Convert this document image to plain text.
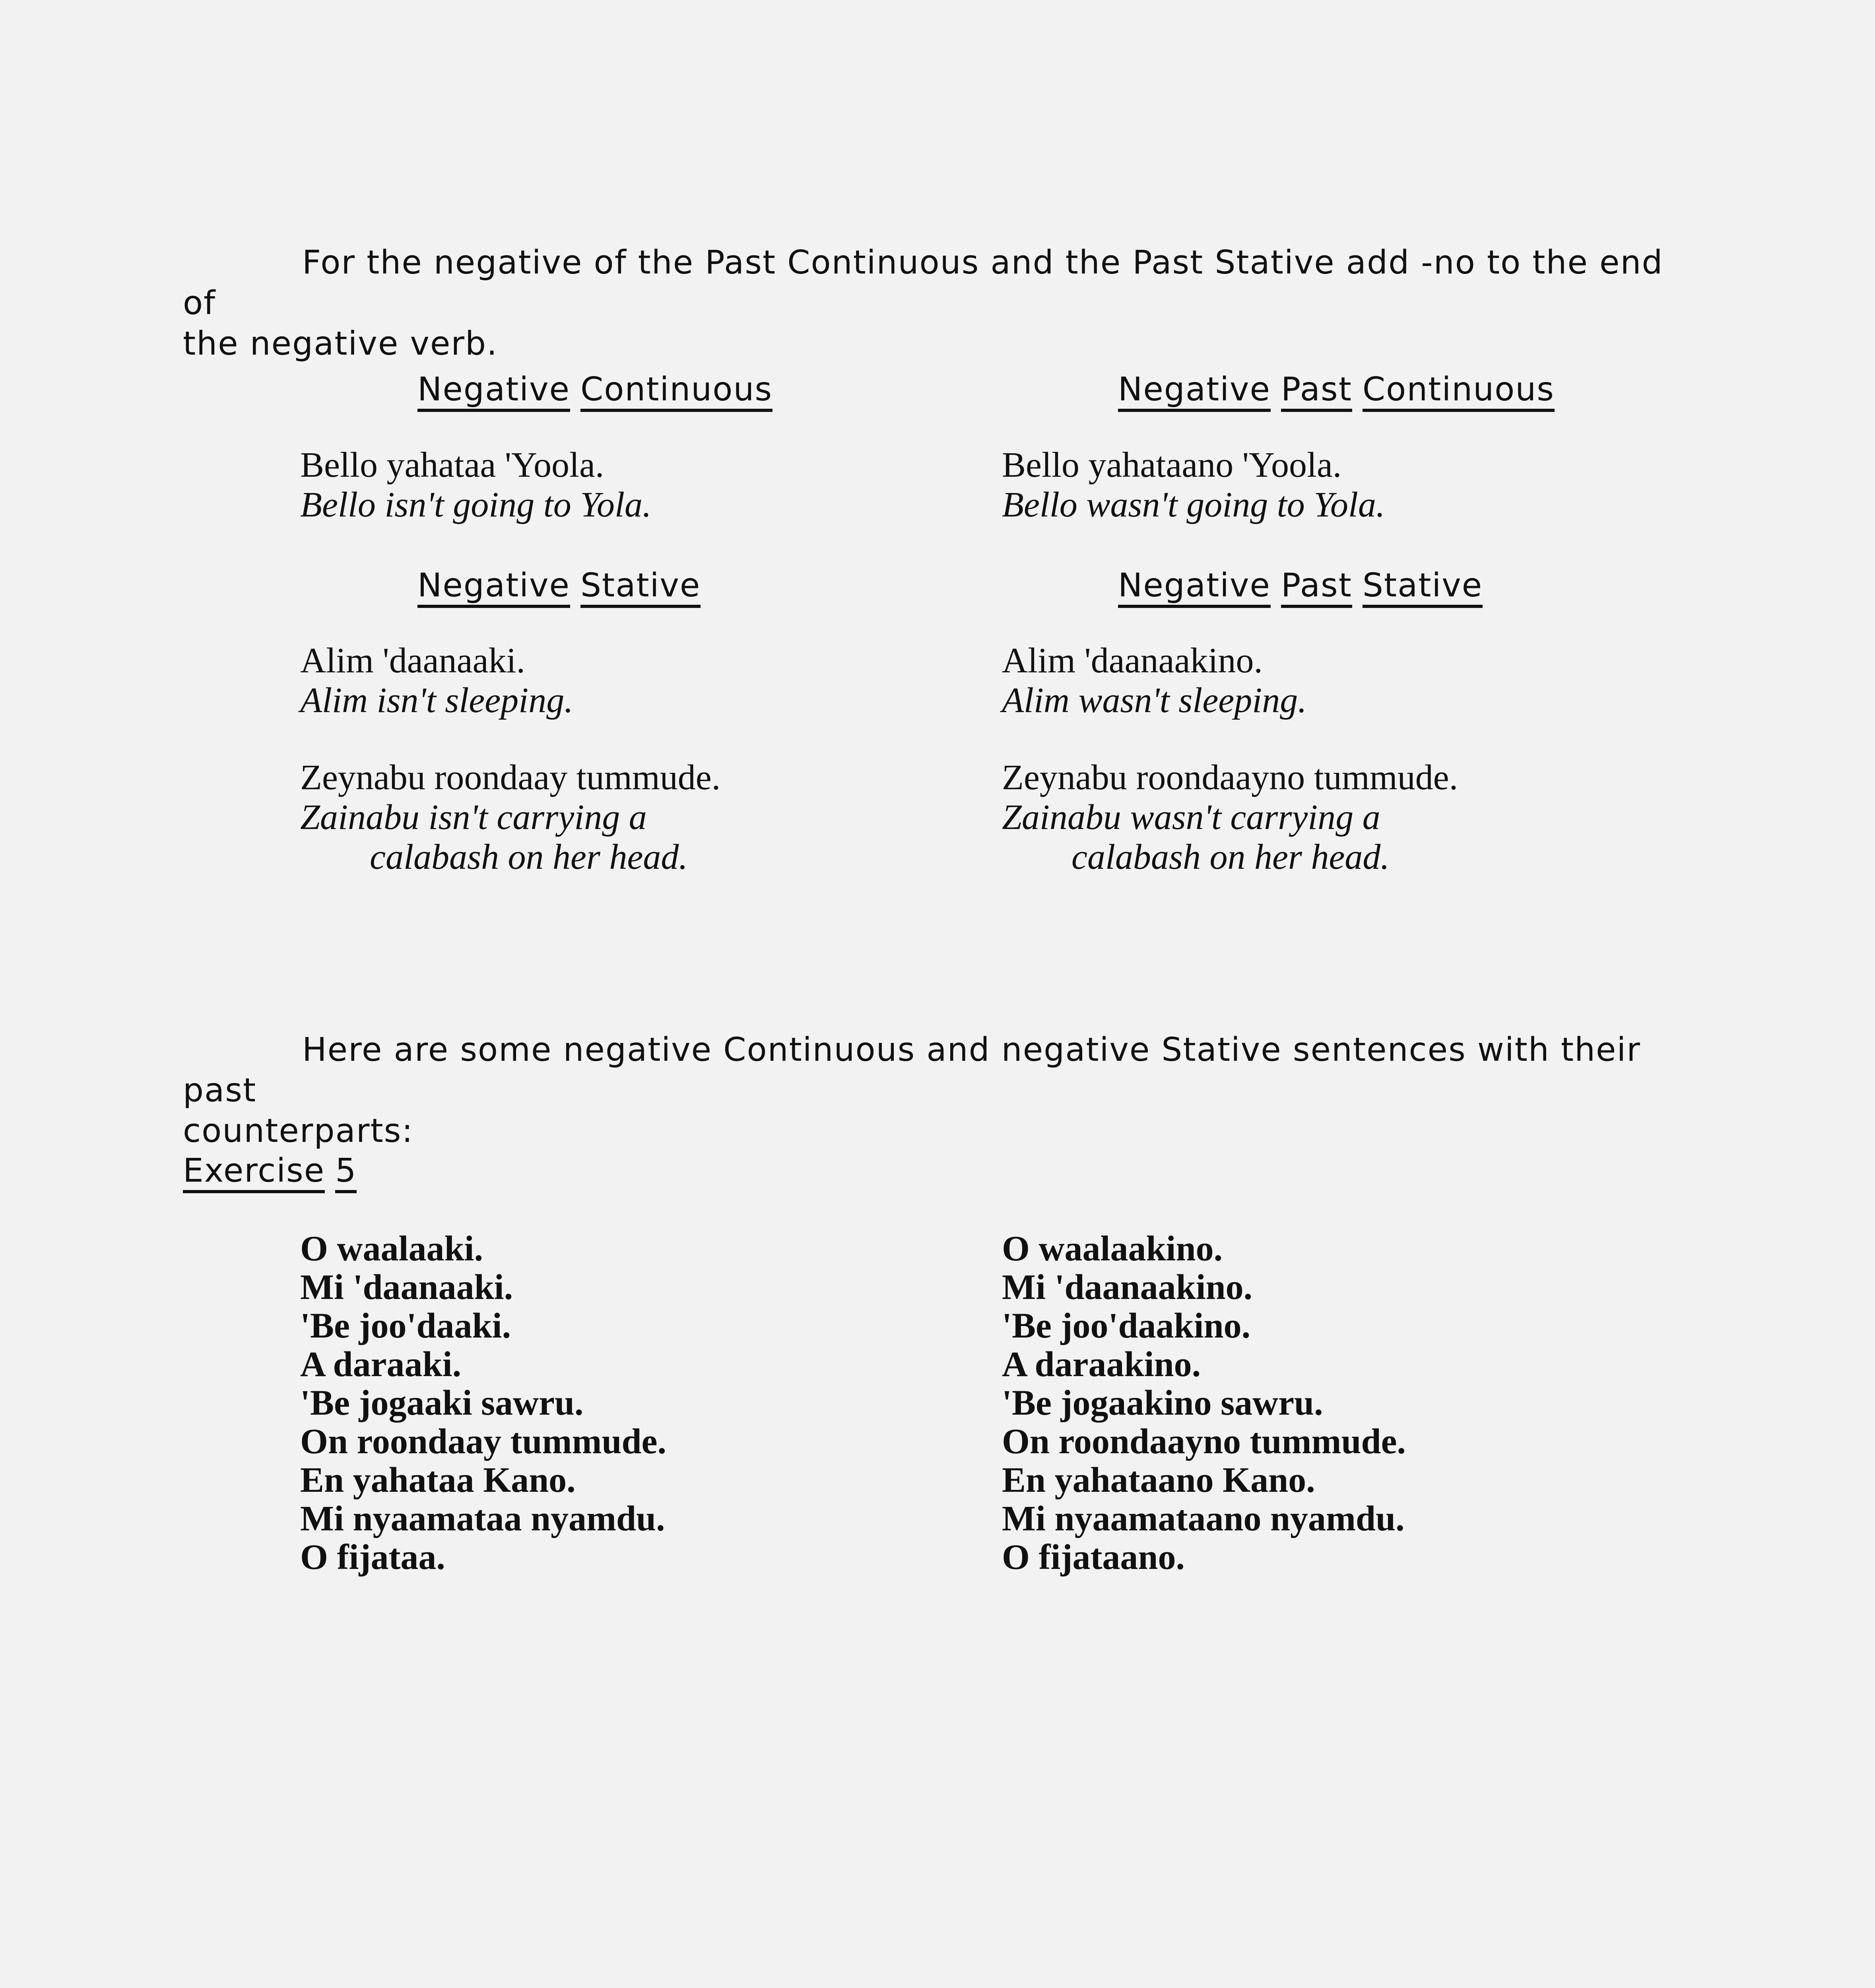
For the negative of the Past Continuous and the Past Stative add -no to the end of
the negative verb.
Negative Continuous	Negative Past Continuous
Bello yahataa 'Yoola.
Bello isn't going to Yola.
Bello yahataano 'Yoola.
Bello wasn't going to Yola.
Negative Stative	Negative Past Stative
Alim 'daanaaki.
Alim isn't sleeping.
Alim 'daanaakino.
Alim wasn't sleeping.
Zeynabu roondaay tummude.
Zainabu isn't carrying a
calabash on her head.
Zeynabu roondaayno tummude.
Zainabu wasn't carrying a
calabash on her head.
Here are some negative Continuous and negative Stative sentences with their past
counterparts:
Exercise 5
O waalaaki.
Mi 'daanaaki.
'Be joo'daaki.
A daraaki.
'Be jogaaki sawru.
On roondaay tummude.
En yahataa Kano.
Mi nyaamataa nyamdu.
O fijataa.
O waalaakino.
Mi 'daanaakino.
'Be joo'daakino.
A daraakino.
'Be jogaakino sawru.
On roondaayno tummude.
En yahataano Kano.
Mi nyaamataano nyamdu.
O fijataano.
